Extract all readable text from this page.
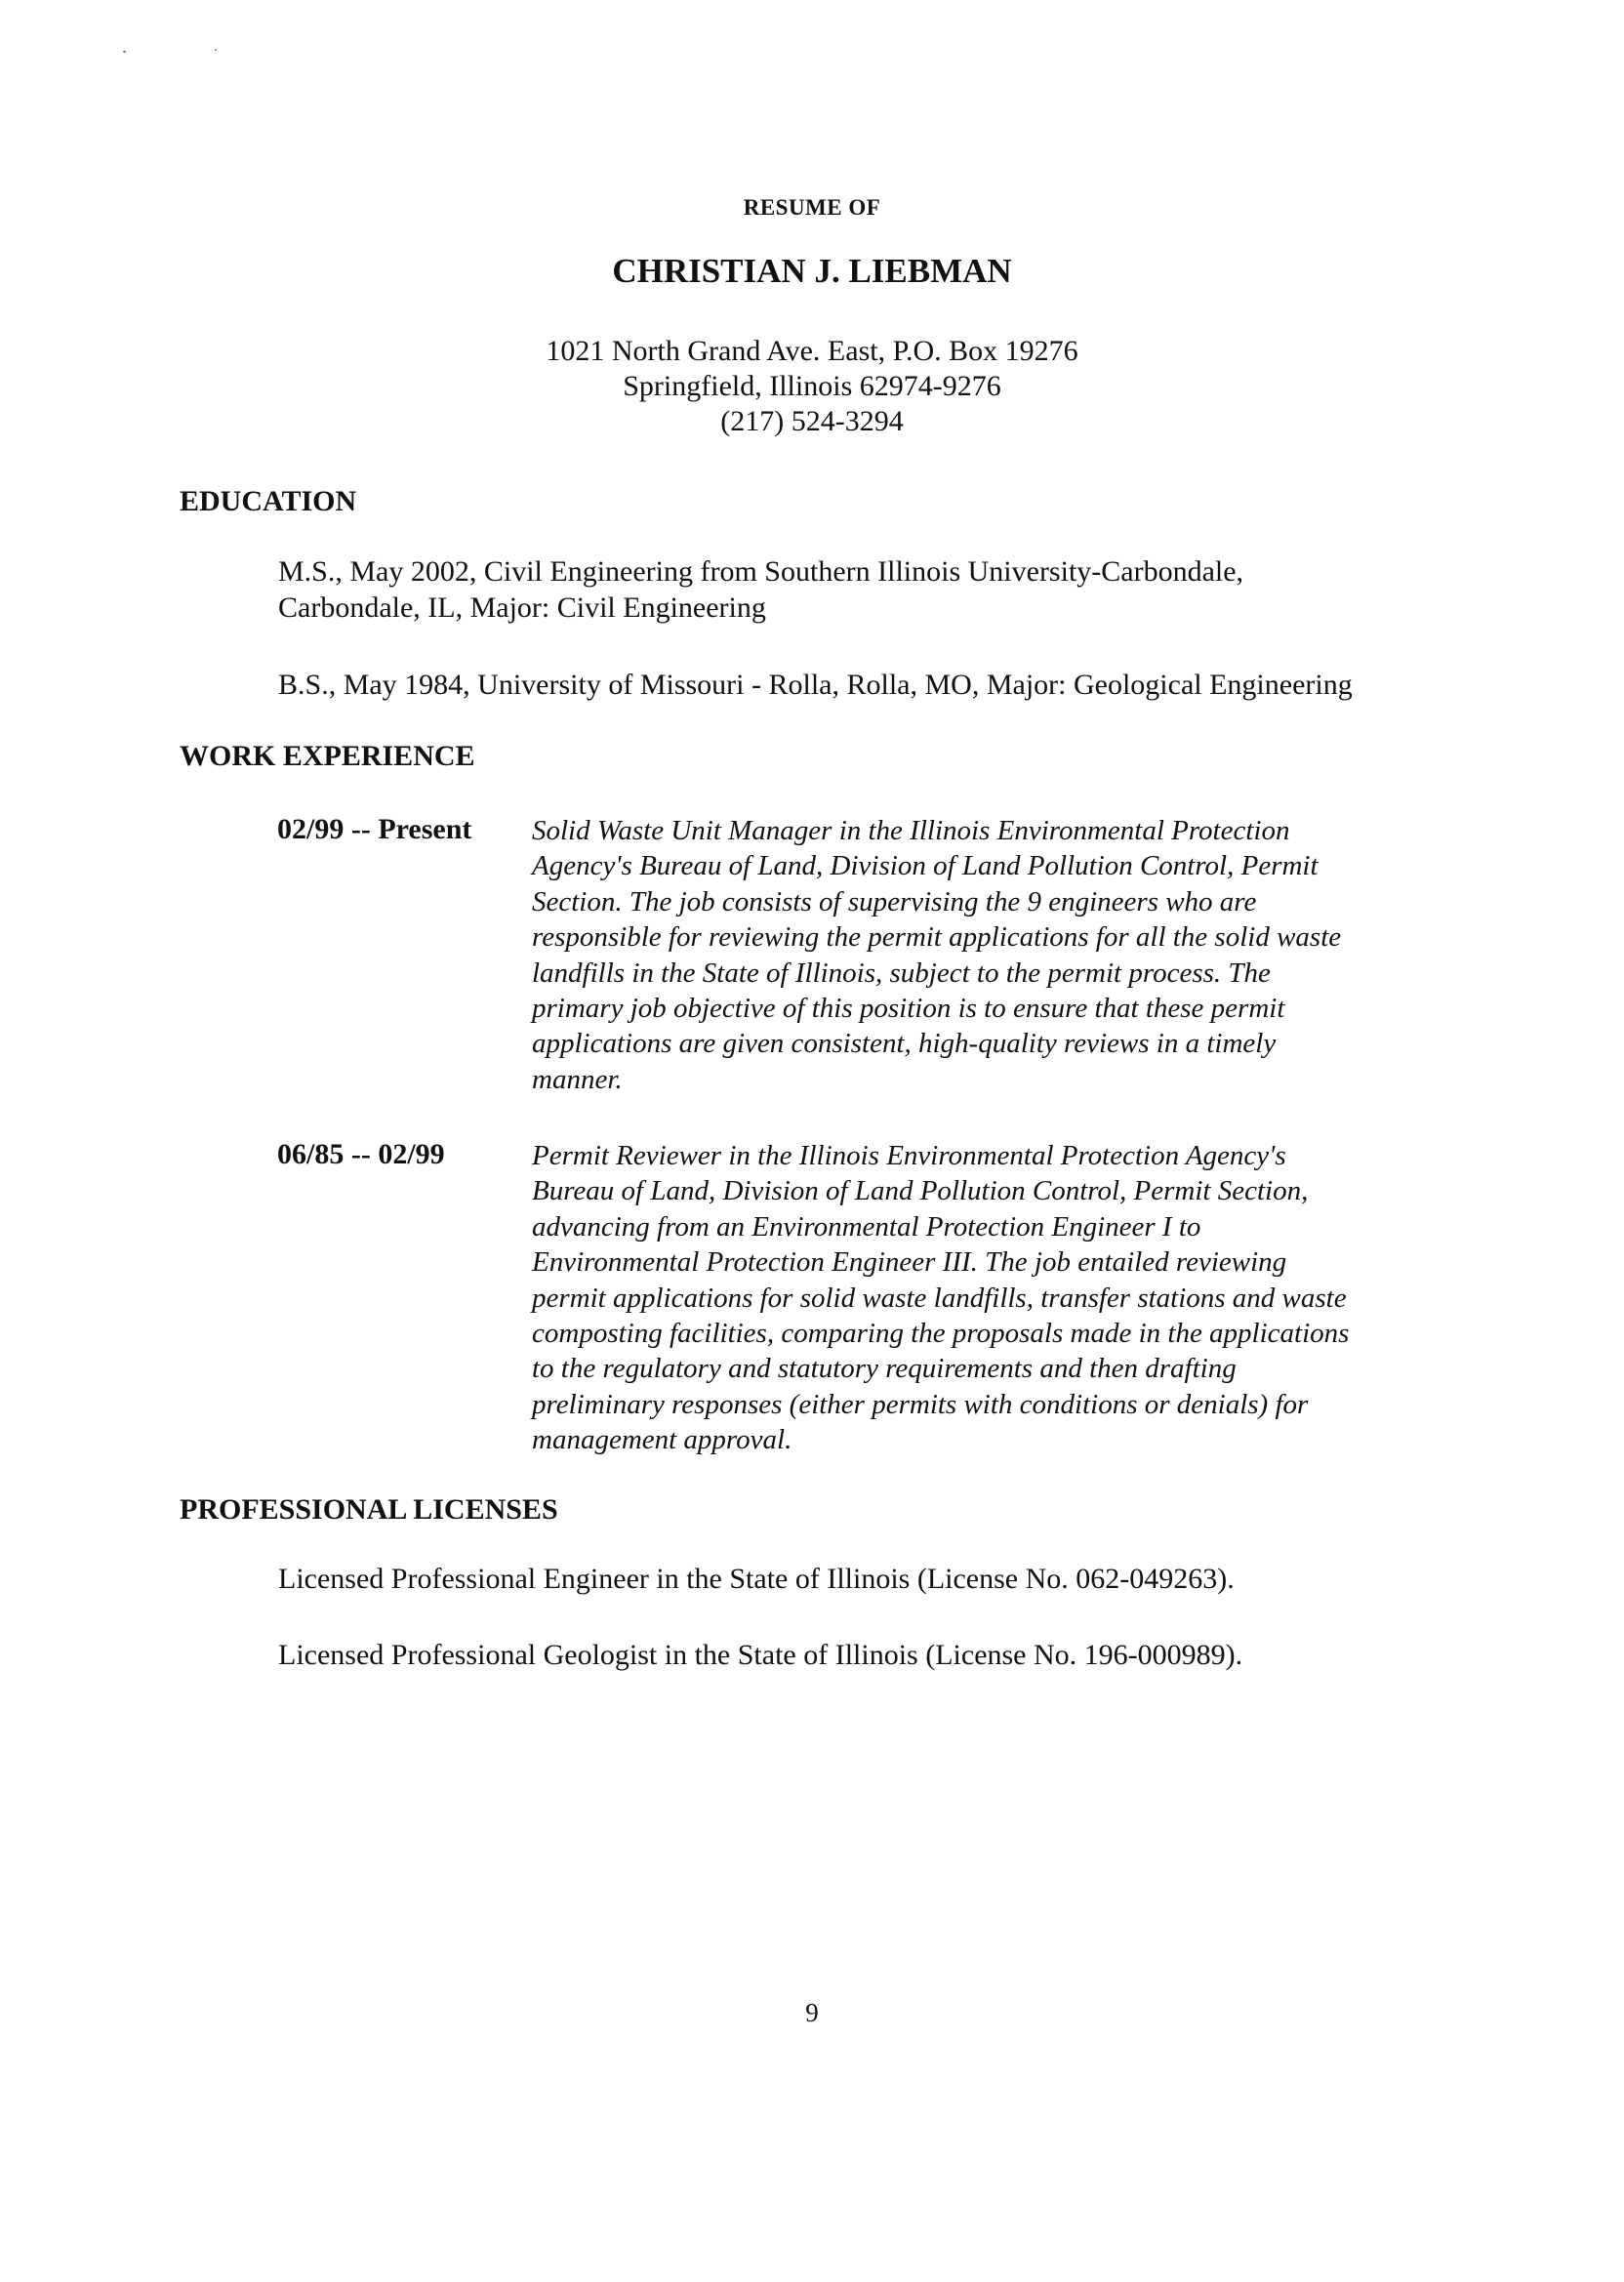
RESUME OF
CHRISTIAN J. LIEBMAN
1021 North Grand Ave. East, P.O. Box 19276
Springfield, Illinois 62974-9276
(217) 524-3294
EDUCATION
M.S., May 2002, Civil Engineering from Southern Illinois University-Carbondale,
Carbondale, IL, Major: Civil Engineering
B.S., May 1984, University of Missouri - Rolla, Rolla, MO, Major: Geological Engineering
WORK EXPERIENCE
02/99 -- Present Solid Waste Unit Manager in the Illinois Environmental Protection
Agency's Bureau of Land, Division of Land Pollution Control, Permit
Section. The job consists of supervising the 9 engineers who are
responsible for reviewing the permit applications for all the solid waste
landfills in the State of Illinois, subject to the permit process. The
primary job objective of this position is to ensure that these permit
applications are given consistent, high-quality reviews in a timely
manner.
06/85 -- 02/99	Permit Reviewer in the Illinois Environmental Protection Agency's
Bureau of Land, Division of Land Pollution Control, Permit Section,
advancing from an Environmental Protection Engineer I to
Environmental Protection Engineer III. The job entailed reviewing
permit applications for solid waste landfills, transfer stations and waste
composting facilities, comparing the proposals made in the applications
to the regulatory and statutory requirements and then drafting
preliminary responses (either permits with conditions or denials) for
management approval.
PROFESSIONAL LICENSES
Licensed Professional Engineer in the State of Illinois (License No. 062-049263).
Licensed Professional Geologist in the State of Illinois (License No. 196-000989).
9
